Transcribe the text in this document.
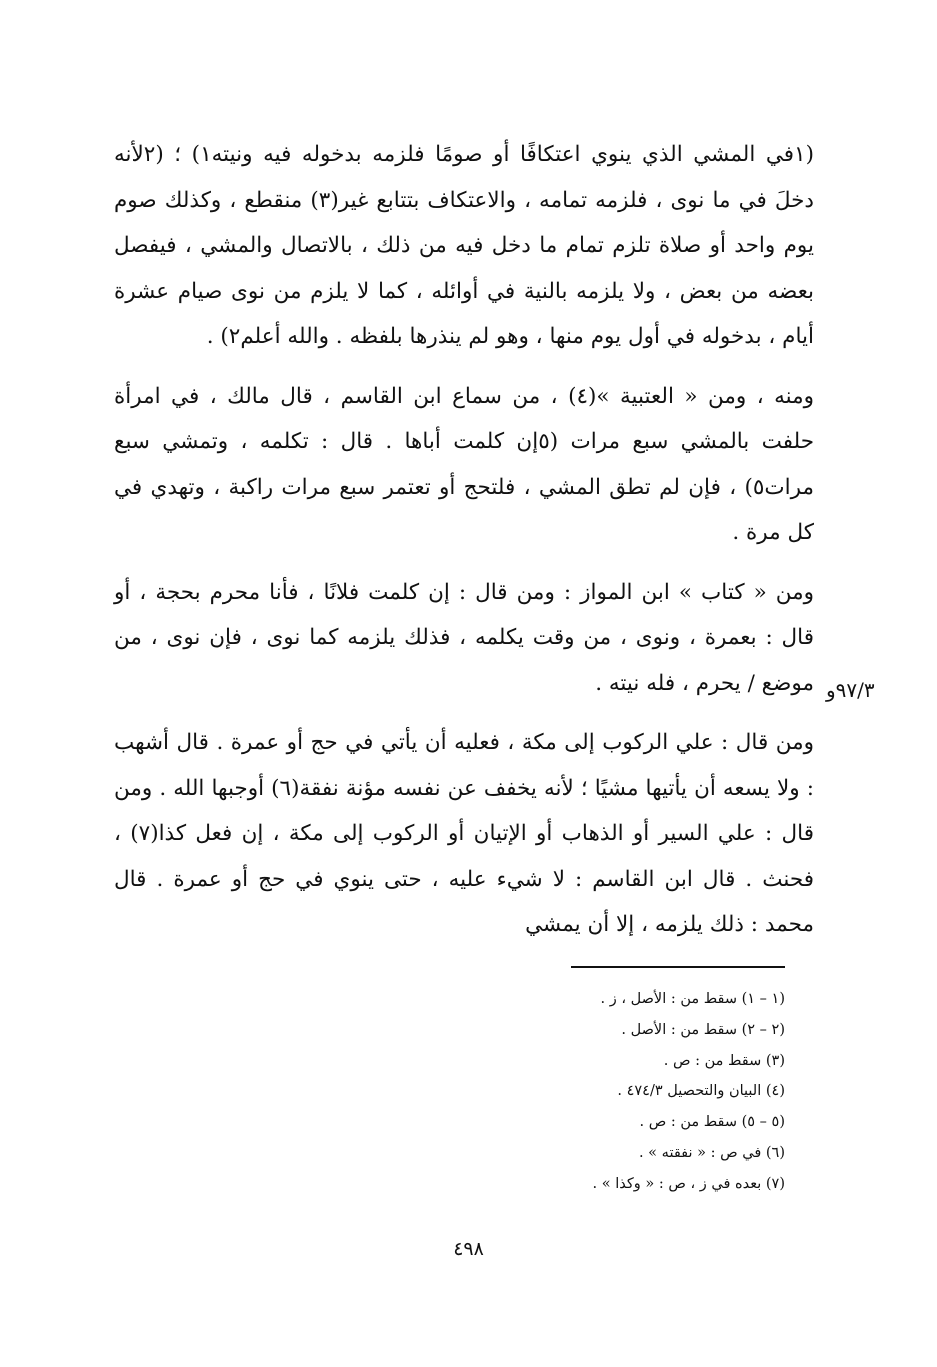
(١في المشي الذي ينوي اعتكافًا أو صومًا فلزمه بدخوله فيه ونيته١) ؛ (٢لأنه دخلَ في ما نوى ، فلزمه تمامه ، والاعتكاف بتتابع غير(٣) منقطع ، وكذلك صوم يوم واحد أو صلاة تلزم تمام ما دخل فيه من ذلك ، بالاتصال والمشي ، فيفصل بعضه من بعض ، ولا يلزمه بالنية في أوائله ، كما لا يلزم من نوى صيام عشرة أيام ، بدخوله في أول يوم منها ، وهو لم ينذرها بلفظه . والله أعلم٢) .

ومنه ، ومن « العتبية »(٤) ، من سماع ابن القاسم ، قال مالك ، في امرأة حلفت بالمشي سبع مرات (٥إن كلمت أباها . قال : تكلمه ، وتمشي سبع مرات٥) ، فإن لم تطق المشي ، فلتحج أو تعتمر سبع مرات راكبة ، وتهدي في كل مرة .

ومن « كتاب » ابن المواز : ومن قال : إن كلمت فلانًا ، فأنا محرم بحجة ، أو قال : بعمرة ، ونوى ، من وقت يكلمه ، فذلك يلزمه كما نوى ، فإن نوى ، من موضع / يحرم ، فله نيته .

ومن قال : علي الركوب إلى مكة ، فعليه أن يأتي في حج أو عمرة . قال أشهب : ولا يسعه أن يأتيها مشيًا ؛ لأنه يخفف عن نفسه مؤنة نفقة(٦) أوجبها الله . ومن قال : علي السير أو الذهاب أو الإتيان أو الركوب إلى مكة ، إن فعل كذا(٧) ، فحنث . قال ابن القاسم : لا شيء عليه ، حتى ينوي في حج أو عمرة . قال محمد : ذلك يلزمه ، إلا أن يمشي

٩٧/٣و

(١ – ١) سقط من : الأصل ، ز .

(٢ – ٢) سقط من : الأصل .

(٣) سقط من : ص .

(٤) البيان والتحصيل ٤٧٤/٣ .

(٥ – ٥) سقط من : ص .

(٦) في ص : « نفقته » .

(٧) بعده في ز ، ص : « وكذا » .

٤٩٨
